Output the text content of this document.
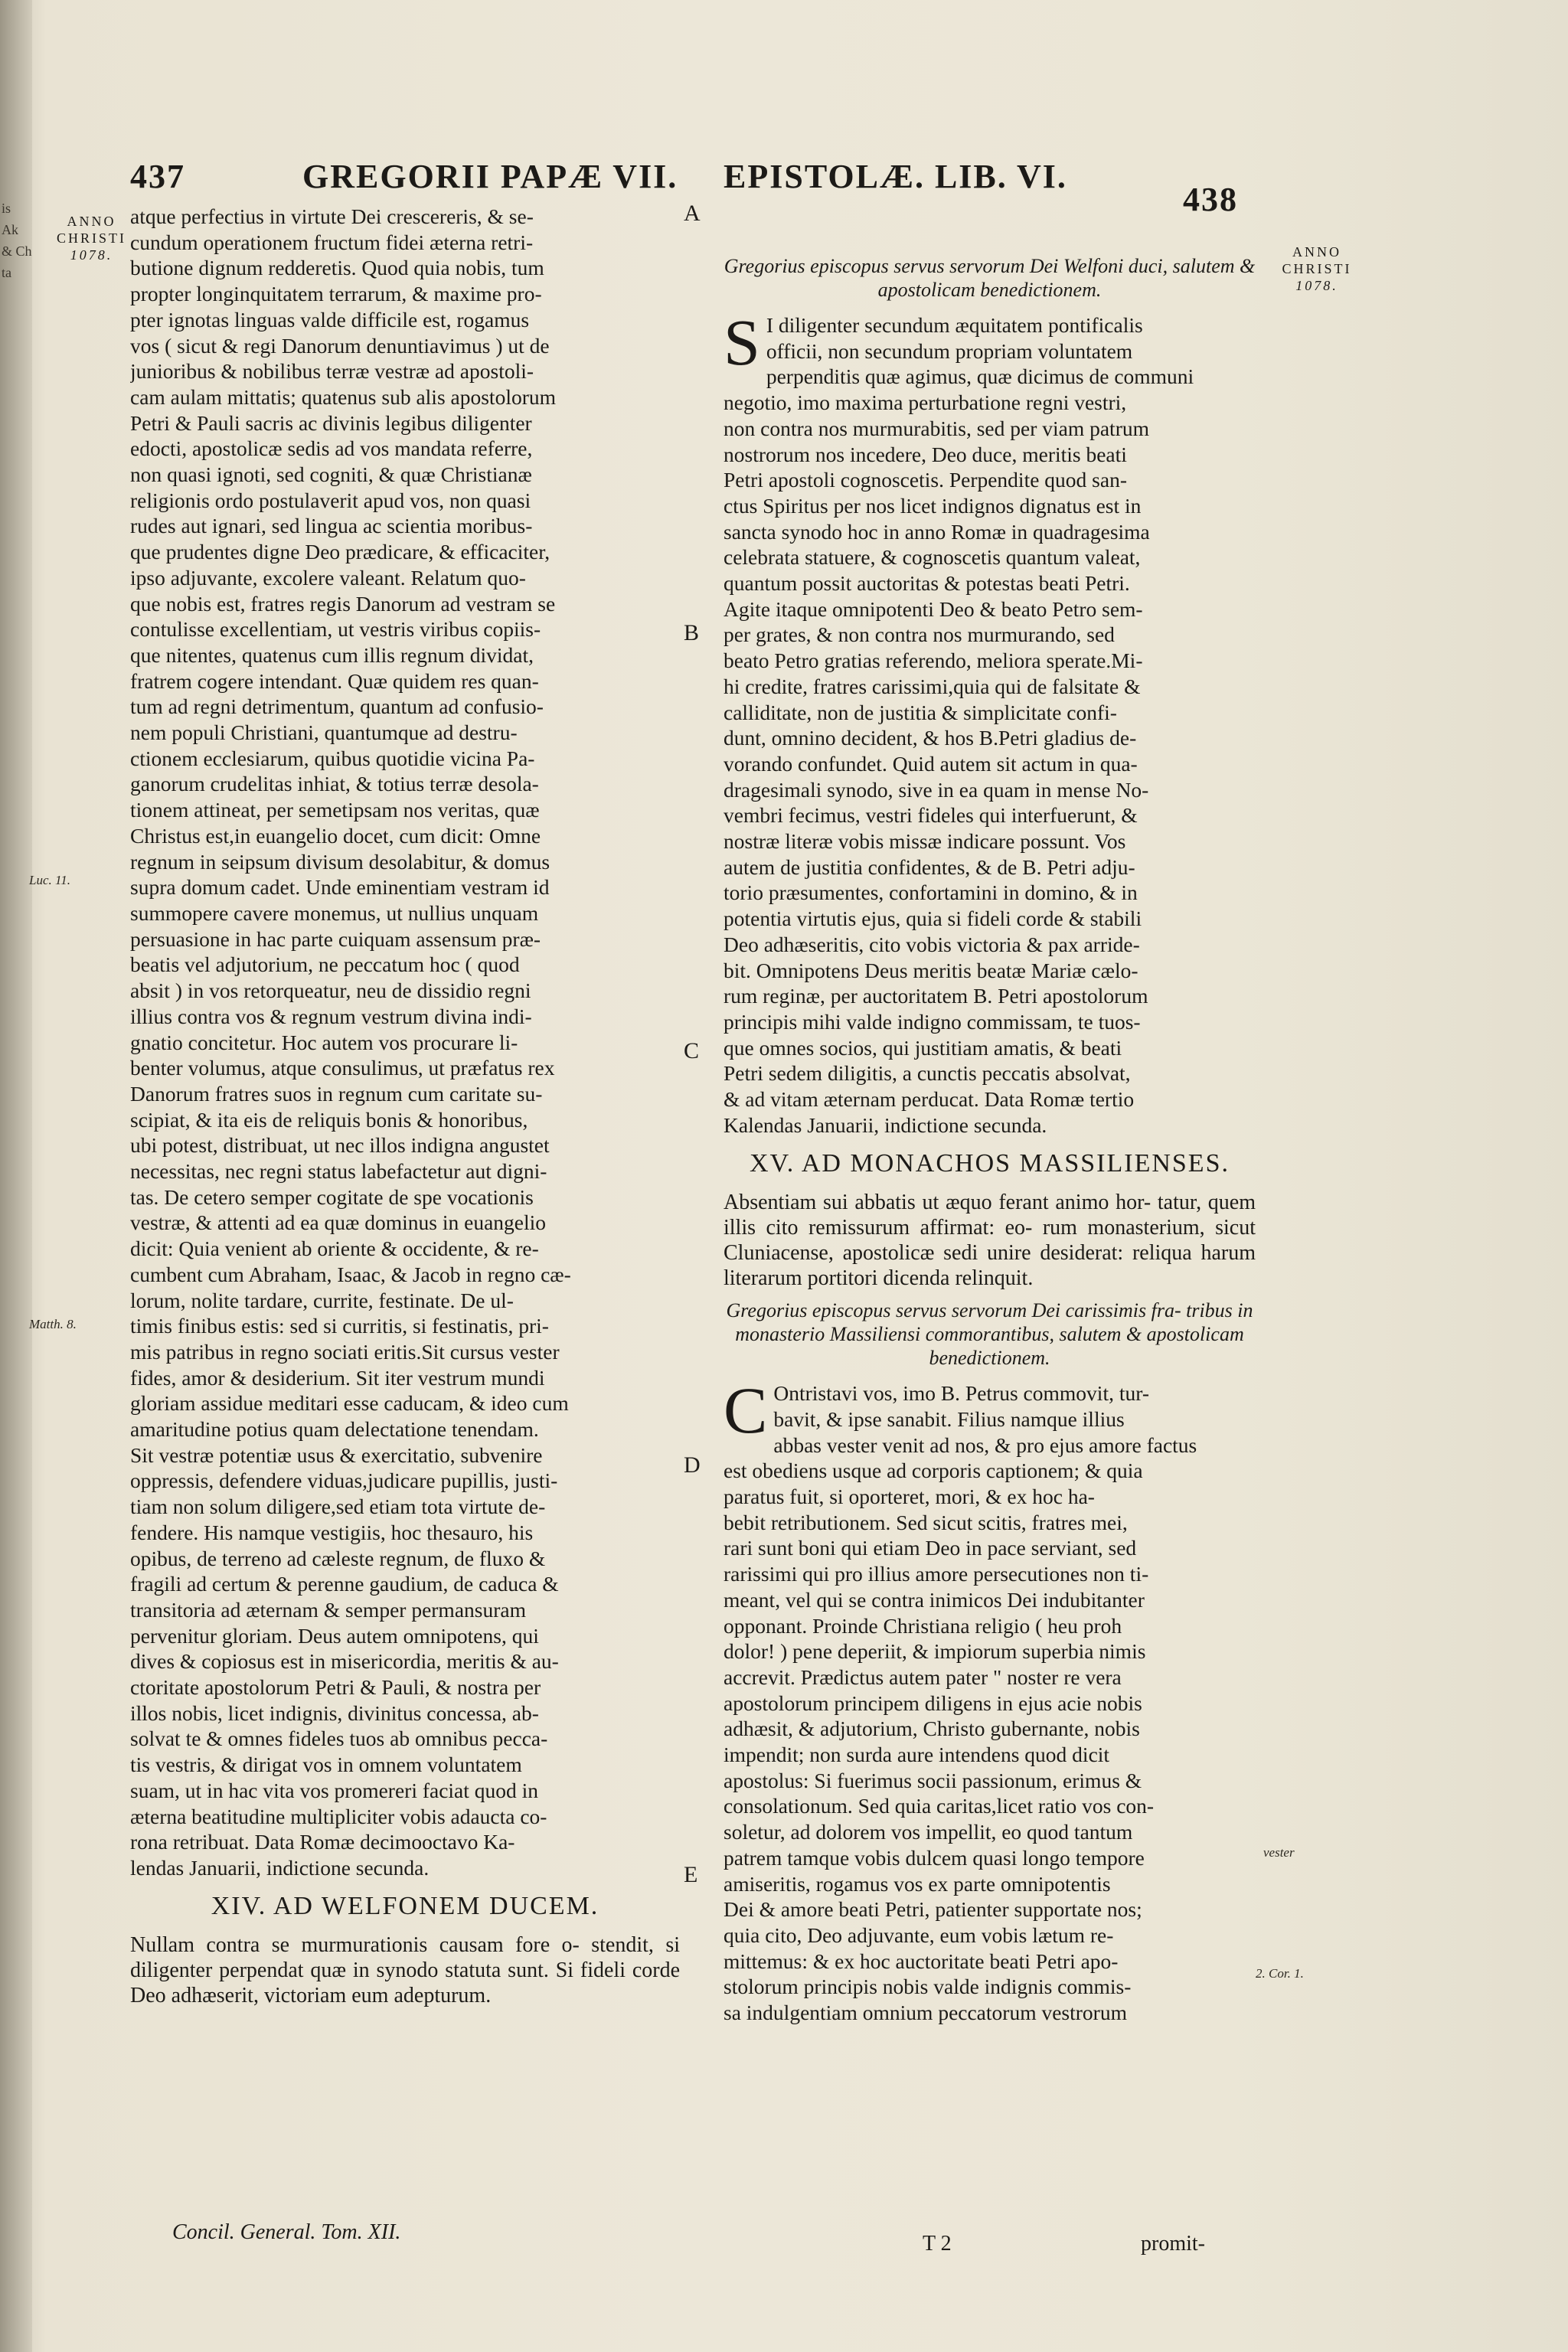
is
Ak
& Ch
ta
437	GREGORII PAPÆ VII. EPISTOLÆ. LIB. VI.
438
ANNO
CHRISTI
1078.	ANNO
CHRISTI
1078.
Luc. 11.
Matth. 8.
2. Cor. 1.
vester
A
B
C
D
E
atque perfectius in virtute Dei crescereris, & se-
cundum operationem fructum fidei æterna retri-
butione dignum redderetis. Quod quia nobis, tum
propter longinquitatem terrarum, & maxime pro-
pter ignotas linguas valde difficile est, rogamus
vos ( sicut & regi Danorum denuntiavimus ) ut de
junioribus & nobilibus terræ vestræ ad apostoli-
cam aulam mittatis; quatenus sub alis apostolorum
Petri & Pauli sacris ac divinis legibus diligenter
edocti, apostolicæ sedis ad vos mandata referre,
non quasi ignoti, sed cogniti, & quæ Christianæ
religionis ordo postulaverit apud vos, non quasi
rudes aut ignari, sed lingua ac scientia moribus-
que prudentes digne Deo prædicare, & efficaciter,
ipso adjuvante, excolere valeant. Relatum quo-
que nobis est, fratres regis Danorum ad vestram se
contulisse excellentiam, ut vestris viribus copiis-
que nitentes, quatenus cum illis regnum dividat,
fratrem cogere intendant. Quæ quidem res quan-
tum ad regni detrimentum, quantum ad confusio-
nem populi Christiani, quantumque ad destru-
ctionem ecclesiarum, quibus quotidie vicina Pa-
ganorum crudelitas inhiat, & totius terræ desola-
tionem attineat, per semetipsam nos veritas, quæ
Christus est,in euangelio docet, cum dicit: Omne
regnum in seipsum divisum desolabitur, & domus
supra domum cadet. Unde eminentiam vestram id
summopere cavere monemus, ut nullius unquam
persuasione in hac parte cuiquam assensum præ-
beatis vel adjutorium, ne peccatum hoc ( quod
absit ) in vos retorqueatur, neu de dissidio regni
illius contra vos & regnum vestrum divina indi-
gnatio concitetur. Hoc autem vos procurare li-
benter volumus, atque consulimus, ut præfatus rex
Danorum fratres suos in regnum cum caritate su-
scipiat, & ita eis de reliquis bonis & honoribus,
ubi potest, distribuat, ut nec illos indigna angustet
necessitas, nec regni status labefactetur aut digni-
tas. De cetero semper cogitate de spe vocationis
vestræ, & attenti ad ea quæ dominus in euangelio
dicit: Quia venient ab oriente & occidente, & re-
cumbent cum Abraham, Isaac, & Jacob in regno cæ-
lorum, nolite tardare, currite, festinate. De ul-
timis finibus estis: sed si curritis, si festinatis, pri-
mis patribus in regno sociati eritis.Sit cursus vester
fides, amor & desiderium. Sit iter vestrum mundi
gloriam assidue meditari esse caducam, & ideo cum
amaritudine potius quam delectatione tenendam.
Sit vestræ potentiæ usus & exercitatio, subvenire
oppressis, defendere viduas,judicare pupillis, justi-
tiam non solum diligere,sed etiam tota virtute de-
fendere. His namque vestigiis, hoc thesauro, his
opibus, de terreno ad cæleste regnum, de fluxo &
fragili ad certum & perenne gaudium, de caduca &
transitoria ad æternam & semper permansuram
pervenitur gloriam. Deus autem omnipotens, qui
dives & copiosus est in misericordia, meritis & au-
ctoritate apostolorum Petri & Pauli, & nostra per
illos nobis, licet indignis, divinitus concessa, ab-
solvat te & omnes fideles tuos ab omnibus pecca-
tis vestris, & dirigat vos in omnem voluntatem
suam, ut in hac vita vos promereri faciat quod in
æterna beatitudine multipliciter vobis adaucta co-
rona retribuat. Data Romæ decimooctavo Ka-
lendas Januarii, indictione secunda.
XIV. AD WELFONEM DUCEM.
Nullam contra se murmurationis causam fore o- stendit, si diligenter perpendat quæ in synodo statuta sunt. Si fideli corde Deo adhæserit, victoriam eum adepturum.
Concil. General. Tom. XII.
Gregorius episcopus servus servorum Dei Welfoni duci, salutem & apostolicam benedictionem.
S I diligenter secundum æquitatem pontificalis
officii, non secundum propriam voluntatem
perpenditis quæ agimus, quæ dicimus de communi
negotio, imo maxima perturbatione regni vestri,
non contra nos murmurabitis, sed per viam patrum
nostrorum nos incedere, Deo duce, meritis beati
Petri apostoli cognoscetis. Perpendite quod san-
ctus Spiritus per nos licet indignos dignatus est in
sancta synodo hoc in anno Romæ in quadragesima
celebrata statuere, & cognoscetis quantum valeat,
quantum possit auctoritas & potestas beati Petri.
Agite itaque omnipotenti Deo & beato Petro sem-
per grates, & non contra nos murmurando, sed
beato Petro gratias referendo, meliora sperate.Mi-
hi credite, fratres carissimi,quia qui de falsitate &
calliditate, non de justitia & simplicitate confi-
dunt, omnino decident, & hos B.Petri gladius de-
vorando confundet. Quid autem sit actum in qua-
dragesimali synodo, sive in ea quam in mense No-
vembri fecimus, vestri fideles qui interfuerunt, &
nostræ literæ vobis missæ indicare possunt. Vos
autem de justitia confidentes, & de B. Petri adju-
torio præsumentes, confortamini in domino, & in
potentia virtutis ejus, quia si fideli corde & stabili
Deo adhæseritis, cito vobis victoria & pax arride-
bit. Omnipotens Deus meritis beatæ Mariæ cælo-
rum reginæ, per auctoritatem B. Petri apostolorum
principis mihi valde indigno commissam, te tuos-
que omnes socios, qui justitiam amatis, & beati
Petri sedem diligitis, a cunctis peccatis absolvat,
& ad vitam æternam perducat. Data Romæ tertio
Kalendas Januarii, indictione secunda.
XV. AD MONACHOS MASSILIENSES.
Absentiam sui abbatis ut æquo ferant animo hor- tatur, quem illis cito remissurum affirmat: eo- rum monasterium, sicut Cluniacense, apostolicæ sedi unire desiderat: reliqua harum literarum portitori dicenda relinquit.
Gregorius episcopus servus servorum Dei carissimis fra- tribus in monasterio Massiliensi commorantibus, salutem & apostolicam benedictionem.
C Ontristavi vos, imo B. Petrus commovit, tur-
bavit, & ipse sanabit. Filius namque illius
abbas vester venit ad nos, & pro ejus amore factus
est obediens usque ad corporis captionem; & quia
paratus fuit, si oporteret, mori, & ex hoc ha-
bebit retributionem. Sed sicut scitis, fratres mei,
rari sunt boni qui etiam Deo in pace serviant, sed
rarissimi qui pro illius amore persecutiones non ti-
meant, vel qui se contra inimicos Dei indubitanter
opponant. Proinde Christiana religio ( heu proh
dolor! ) pene deperiit, & impiorum superbia nimis
accrevit. Prædictus autem pater " noster re vera
apostolorum principem diligens in ejus acie nobis
adhæsit, & adjutorium, Christo gubernante, nobis
impendit; non surda aure intendens quod dicit
apostolus: Si fuerimus socii passionum, erimus &
consolationum. Sed quia caritas,licet ratio vos con-
soletur, ad dolorem vos impellit, eo quod tantum
patrem tamque vobis dulcem quasi longo tempore
amiseritis, rogamus vos ex parte omnipotentis
Dei & amore beati Petri, patienter supportate nos;
quia cito, Deo adjuvante, eum vobis lætum re-
mittemus: & ex hoc auctoritate beati Petri apo-
stolorum principis nobis valde indignis commis-
sa indulgentiam omnium peccatorum vestrorum
T 2	promit-
